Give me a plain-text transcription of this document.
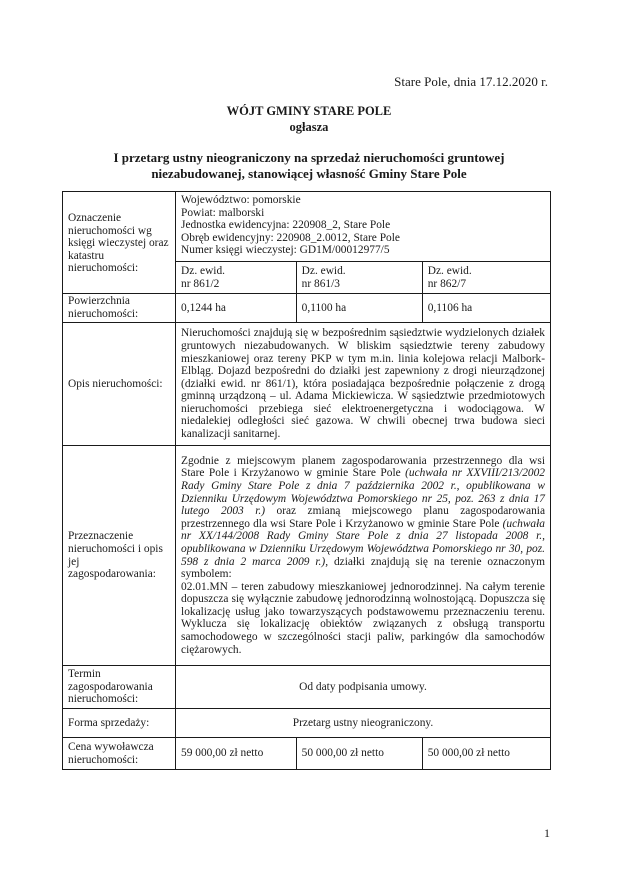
Stare Pole, dnia 17.12.2020 r.
WÓJT GMINY STARE POLE
ogłasza
I przetarg ustny nieograniczony na sprzedaż nieruchomości gruntowej
niezabudowanej, stanowiącej własność Gminy Stare Pole
Oznaczenie nieruchomości wg księgi wieczystej oraz katastru nieruchomości:	Województwo: pomorskie
Powiat: malborski
Jednostka ewidencyjna: 220908_2, Stare Pole
Obręb ewidencyjny: 220908_2.0012, Stare Pole
Numer księgi wieczystej: GD1M/00012977/5		

	Dz. ewid.
nr 861/2	Dz. ewid.
nr 861/3	Dz. ewid.
nr 862/7

Powierzchnia nieruchomości:	0,1244 ha	0,1100 ha	0,1106 ha
Opis nieruchomości:	Nieruchomości znajdują się w bezpośrednim sąsiedztwie wydzielonych działek gruntowych niezabudowanych. W bliskim sąsiedztwie tereny zabudowy mieszkaniowej oraz tereny PKP w tym m.in. linia kolejowa relacji Malbork- Elbląg. Dojazd bezpośredni do działki jest zapewniony z drogi nieurządzonej (działki ewid. nr 861/1), która posiadająca bezpośrednie połączenie z drogą gminną urządzoną – ul. Adama Mickiewicza. W sąsiedztwie przedmiotowych nieruchomości przebiega sieć elektroenergetyczna i wodociągowa. W niedalekiej odległości sieć gazowa. W chwili obecnej trwa budowa sieci kanalizacji sanitarnej.		
Przeznaczenie nieruchomości i opis jej zagospodarowania:	Zgodnie z miejscowym planem zagospodarowania przestrzennego dla wsi Stare Pole i Krzyżanowo w gminie Stare Pole (uchwała nr XXVIII/213/2002 Rady Gminy Stare Pole z dnia 7 października 2002 r., opublikowana w Dzienniku Urzędowym Województwa Pomorskiego nr 25, poz. 263 z dnia 17 lutego 2003 r.) oraz zmianą miejscowego planu zagospodarowania przestrzennego dla wsi Stare Pole i Krzyżanowo w gminie Stare Pole (uchwała nr XX/144/2008 Rady Gminy Stare Pole z dnia 27 listopada 2008 r., opublikowana w Dzienniku Urzędowym Województwa Pomorskiego nr 30, poz. 598 z dnia 2 marca 2009 r.), działki znajdują się na terenie oznaczonym symbolem:
02.01.MN – teren zabudowy mieszkaniowej jednorodzinnej. Na całym terenie dopuszcza się wyłącznie zabudowę jednorodzinną wolnostojącą. Dopuszcza się lokalizację usług jako towarzyszących podstawowemu przeznaczeniu terenu. Wyklucza się lokalizację obiektów związanych z obsługą transportu samochodowego w szczególności stacji paliw, parkingów dla samochodów ciężarowych.		

Termin zagospodarowania nieruchomości:	Od daty podpisania umowy.		
Forma sprzedaży:	Przetarg ustny nieograniczony.		
Cena wywoławcza nieruchomości:	59 000,00 zł netto	50 000,00 zł netto	50 000,00 zł netto
1
